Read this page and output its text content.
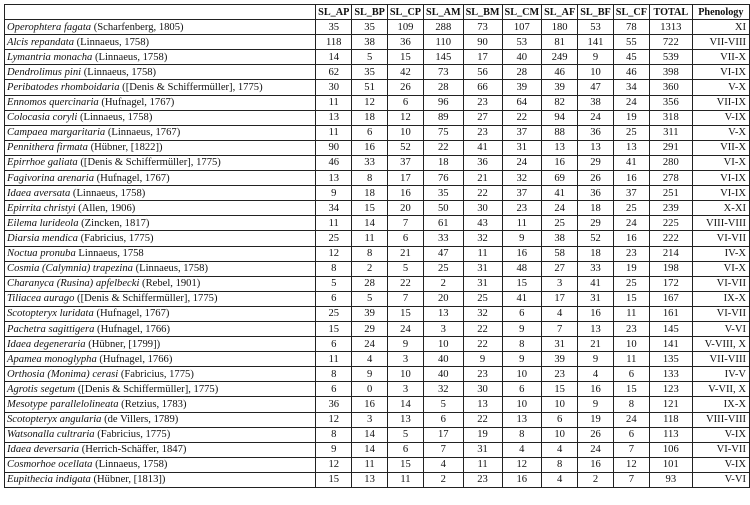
	SL_AP	SL_BP	SL_CP	SL_AM	SL_BM	SL_CM	SL_AF	SL_BF	SL_CF	TOTAL	Phenology
Operophtera fagata (Scharfenberg, 1805)	35	35	109	288	73	107	180	53	78	1313	XI
Alcis repandata (Linnaeus, 1758)	118	38	36	110	90	53	81	141	55	722	VII-VIII
Lymantria monacha (Linnaeus, 1758)	14	5	15	145	17	40	249	9	45	539	VII-X
Dendrolimus pini (Linnaeus, 1758)	62	35	42	73	56	28	46	10	46	398	VI-IX
Peribatodes rhomboidaria ([Denis & Schiffermüller], 1775)	30	51	26	28	66	39	39	47	34	360	V-X
Ennomos quercinaria (Hufnagel, 1767)	11	12	6	96	23	64	82	38	24	356	VII-IX
Colocasia coryli (Linnaeus, 1758)	13	18	12	89	27	22	94	24	19	318	V-IX
Campaea margaritaria (Linnaeus, 1767)	11	6	10	75	23	37	88	36	25	311	V-X
Pennithera firmata (Hübner, [1822])	90	16	52	22	41	31	13	13	13	291	VII-X
Epirrhoe galiata ([Denis & Schiffermüller], 1775)	46	33	37	18	36	24	16	29	41	280	VI-X
Fagivorina arenaria (Hufnagel, 1767)	13	8	17	76	21	32	69	26	16	278	VI-IX
Idaea aversata (Linnaeus, 1758)	9	18	16	35	22	37	41	36	37	251	VI-IX
Epirrita christyi (Allen, 1906)	34	15	20	50	30	23	24	18	25	239	X-XI
Eilema lurideola (Zincken, 1817)	11	14	7	61	43	11	25	29	24	225	VIII-VIII
Diarsia mendica (Fabricius, 1775)	25	11	6	33	32	9	38	52	16	222	VI-VII
Noctua pronuba Linnaeus, 1758	12	8	21	47	11	16	58	18	23	214	IV-X
Cosmia (Calymnia) trapezina (Linnaeus, 1758)	8	2	5	25	31	48	27	33	19	198	VI-X
Charanyca (Rusina) apfelbecki (Rebel, 1901)	5	28	22	2	31	15	3	41	25	172	VI-VII
Tiliacea aurago ([Denis & Schiffermüller], 1775)	6	5	7	20	25	41	17	31	15	167	IX-X
Scotopteryx luridata (Hufnagel, 1767)	25	39	15	13	32	6	4	16	11	161	VI-VII
Pachetra sagittigera (Hufnagel, 1766)	15	29	24	3	22	9	7	13	23	145	V-VI
Idaea degeneraria (Hübner, [1799])	6	24	9	10	22	8	31	21	10	141	V-VIII, X
Apamea monoglypha (Hufnagel, 1766)	11	4	3	40	9	9	39	9	11	135	VII-VIII
Orthosia (Monima) cerasi (Fabricius, 1775)	8	9	10	40	23	10	23	4	6	133	IV-V
Agrotis segetum ([Denis & Schiffermüller], 1775)	6	0	3	32	30	6	15	16	15	123	V-VII, X
Mesotype parallelolineata (Retzius, 1783)	36	16	14	5	13	10	10	9	8	121	IX-X
Scotopteryx angularia (de Villers, 1789)	12	3	13	6	22	13	6	19	24	118	VIII-VIII
Watsonalla cultraria (Fabricius, 1775)	8	14	5	17	19	8	10	26	6	113	V-IX
Idaea deversaria (Herrich-Schäffer, 1847)	9	14	6	7	31	4	4	24	7	106	VI-VII
Cosmorhoe ocellata (Linnaeus, 1758)	12	11	15	4	11	12	8	16	12	101	V-IX
Eupithecia indigata (Hübner, [1813])	15	13	11	2	23	16	4	2	7	93	V-VI
